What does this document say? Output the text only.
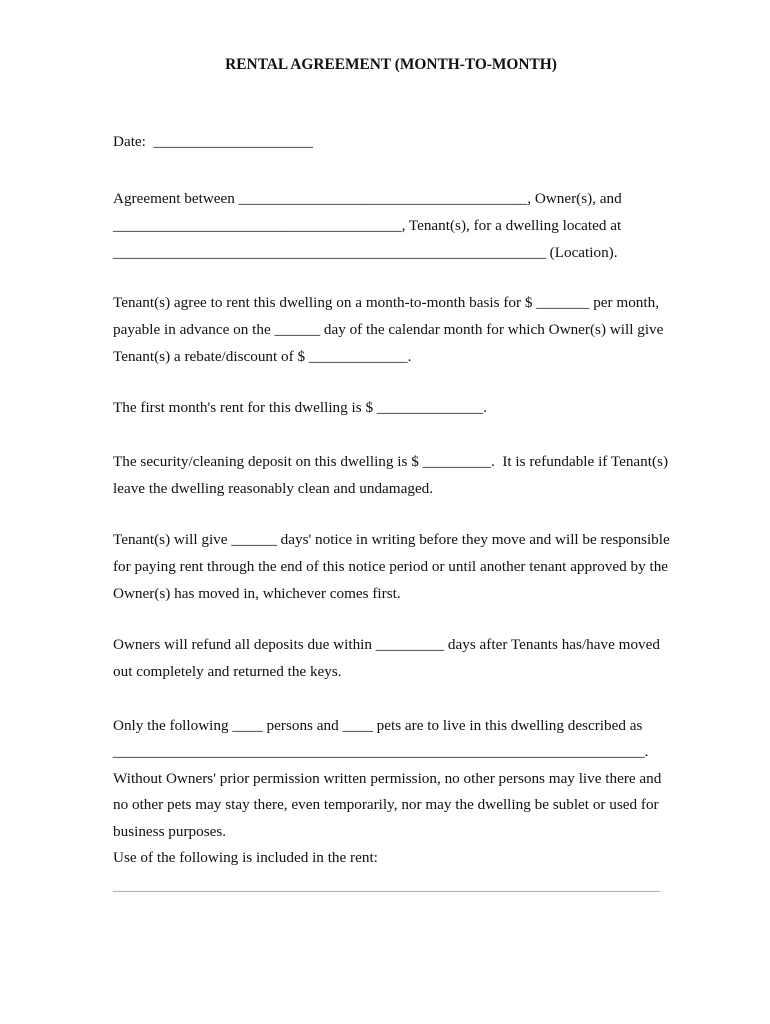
RENTAL AGREEMENT (MONTH-TO-MONTH)
Date:  _____________________
Agreement between ______________________________________, Owner(s), and
______________________________________, Tenant(s), for a dwelling located at
_________________________________________________________ (Location).
Tenant(s) agree to rent this dwelling on a month-to-month basis for $ _______ per month,
payable in advance on the ______ day of the calendar month for which Owner(s) will give
Tenant(s) a rebate/discount of $ _____________.
The first month's rent for this dwelling is $ ______________.
The security/cleaning deposit on this dwelling is $ _________.  It is refundable if Tenant(s)
leave the dwelling reasonably clean and undamaged.
Tenant(s) will give ______ days' notice in writing before they move and will be responsible
for paying rent through the end of this notice period or until another tenant approved by the
Owner(s) has moved in, whichever comes first.
Owners will refund all deposits due within _________ days after Tenants has/have moved
out completely and returned the keys.
Only the following ____ persons and ____ pets are to live in this dwelling described as
______________________________________________________________________.
Without Owners' prior permission written permission, no other persons may live there and
no other pets may stay there, even temporarily, nor may the dwelling be sublet or used for
business purposes.
Use of the following is included in the rent:
________________________________________________________________________
